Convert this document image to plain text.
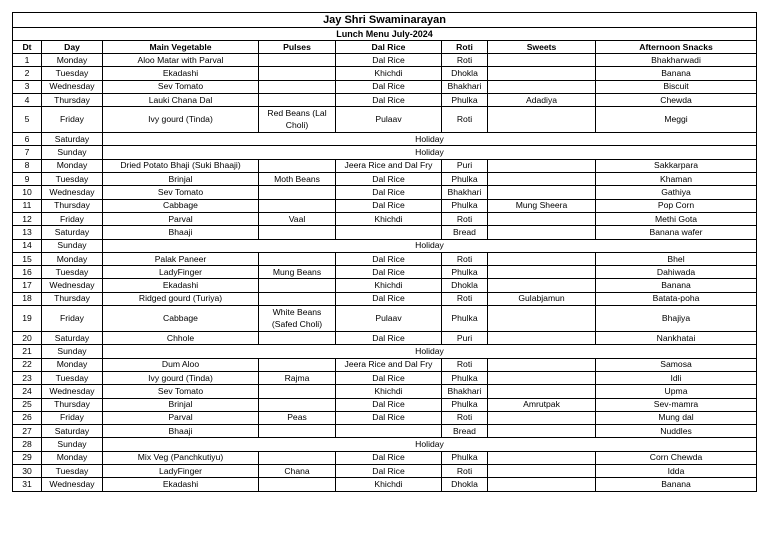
Jay Shri Swaminarayan							
Lunch Menu July-2024							
Dt	Day	Main Vegetable	Pulses	Dal Rice	Roti	Sweets	Afternoon Snacks
1	Monday	Aloo Matar with Parval		Dal Rice	Roti		Bhakharwadi
2	Tuesday	Ekadashi		Khichdi	Dhokla		Banana
3	Wednesday	Sev Tomato		Dal Rice	Bhakhari		Biscuit
4	Thursday	Lauki Chana Dal		Dal Rice	Phulka	Adadiya	Chewda
5	Friday	Ivy gourd (Tinda)	Red Beans (Lal Choli)	Pulaav	Roti		Meggi
6	Saturday	Holiday					
7	Sunday	Holiday					
8	Monday	Dried Potato Bhaji (Suki Bhaaji)		Jeera Rice and Dal Fry	Puri		Sakkarpara
9	Tuesday	Brinjal	Moth Beans	Dal Rice	Phulka		Khaman
10	Wednesday	Sev Tomato		Dal Rice	Bhakhari		Gathiya
11	Thursday	Cabbage		Dal Rice	Phulka	Mung Sheera	Pop Corn
12	Friday	Parval	Vaal	Khichdi	Roti		Methi Gota
13	Saturday	Bhaaji			Bread		Banana wafer
14	Sunday	Holiday					
15	Monday	Palak Paneer		Dal Rice	Roti		Bhel
16	Tuesday	LadyFinger	Mung Beans	Dal Rice	Phulka		Dahiwada
17	Wednesday	Ekadashi		Khichdi	Dhokla		Banana
18	Thursday	Ridged gourd (Turiya)		Dal Rice	Roti	Gulabjamun	Batata-poha
19	Friday	Cabbage	White Beans (Safed Choli)	Pulaav	Phulka		Bhajiya
20	Saturday	Chhole		Dal Rice	Puri		Nankhatai
21	Sunday	Holiday					
22	Monday	Dum Aloo		Jeera Rice and Dal Fry	Roti		Samosa
23	Tuesday	Ivy gourd (Tinda)	Rajma	Dal Rice	Phulka		Idli
24	Wednesday	Sev Tomato		Khichdi	Bhakhari		Upma
25	Thursday	Brinjal		Dal Rice	Phulka	Amrutpak	Sev-mamra
26	Friday	Parval	Peas	Dal Rice	Roti		Mung dal
27	Saturday	Bhaaji			Bread		Nuddles
28	Sunday	Holiday					
29	Monday	Mix Veg (Panchkutiyu)		Dal Rice	Phulka		Corn Chewda
30	Tuesday	LadyFinger	Chana	Dal Rice	Roti		Idda
31	Wednesday	Ekadashi		Khichdi	Dhokla		Banana
